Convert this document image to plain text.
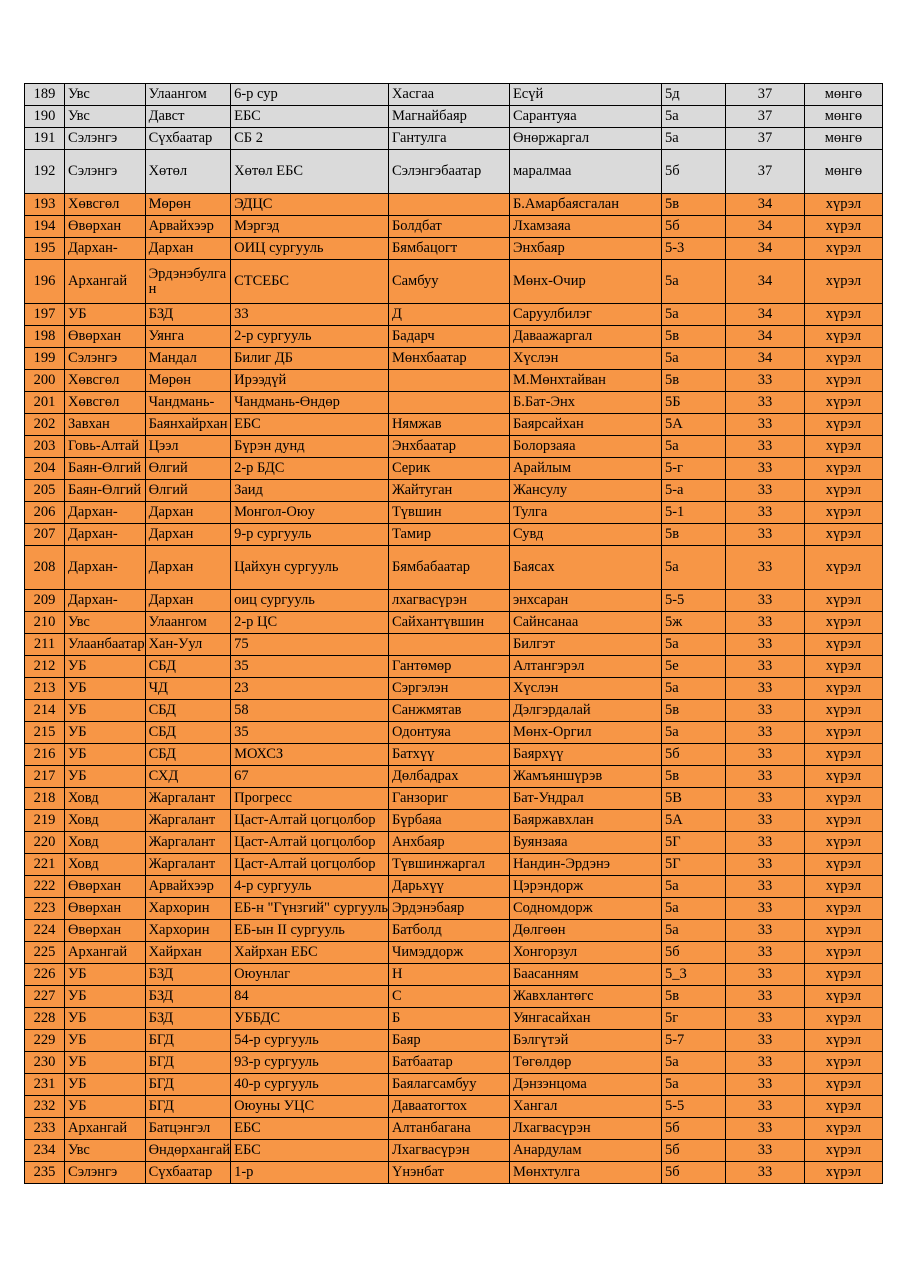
189	Увс	Улаангом	6-р сур	Хасгаа	Есүй	5д	37	мөнгө
190	Увс	Давст	ЕБС	Магнайбаяр	Сарантуяа	5а	37	мөнгө
191	Сэлэнгэ	Сүхбаатар	СБ 2	Гантулга	Өнөржаргал	5а	37	мөнгө
192	Сэлэнгэ	Хөтөл	Хөтөл ЕБС	Сэлэнгэбаатар	маралмаа	5б	37	мөнгө
193	Хөвсгөл	Мөрөн	ЭДЦС		Б.Амарбаясгалан	5в	34	хүрэл
194	Өвөрхан	Арвайхээр	Мэргэд	Болдбат	Лхамзаяа	5б	34	хүрэл
195	Дархан-	Дархан	ОИЦ сургууль	Бямбацогт	Энхбаяр	5-3	34	хүрэл
196	Архангай	Эрдэнэбулган	СТСЕБС	Самбуу	Мөнх-Очир	5а	34	хүрэл
197	УБ	БЗД	33	Д	Саруулбилэг	5а	34	хүрэл
198	Өвөрхан	Уянга	2-р сургууль	Бадарч	Даваажаргал	5в	34	хүрэл
199	Сэлэнгэ	Мандал	Билиг ДБ	Мөнхбаатар	Хүслэн	5а	34	хүрэл
200	Хөвсгөл	Мөрөн	Ирээдүй		М.Мөнхтайван	5в	33	хүрэл
201	Хөвсгөл	Чандмань-	Чандмань-Өндөр		Б.Бат-Энх	5Б	33	хүрэл
202	Завхан	Баянхайрхан	ЕБС	Нямжав	Баярсайхан	5А	33	хүрэл
203	Говь-Алтай	Цээл	Бүрэн дунд	Энхбаатар	Болорзаяа	5а	33	хүрэл
204	Баян-Өлгий	Өлгий	2-р БДС	Серик	Арайлым	5-г	33	хүрэл
205	Баян-Өлгий	Өлгий	Заид	Жайтуган	Жансулу	5-а	33	хүрэл
206	Дархан-	Дархан	Монгол-Оюу	Түвшин	Тулга	5-1	33	хүрэл
207	Дархан-	Дархан	9-р сургууль	Тамир	Сувд	5в	33	хүрэл
208	Дархан-	Дархан	Цайхун сургууль	Бямбабаатар	Баясах	5а	33	хүрэл
209	Дархан-	Дархан	оиц сургууль	лхагвасүрэн	энхсаран	5-5	33	хүрэл
210	Увс	Улаангом	2-р ЦС	Сайхантүвшин	Сайнсанаа	5ж	33	хүрэл
211	Улаанбаатар	Хан-Уул	75		Билгэт	5а	33	хүрэл
212	УБ	СБД	35	Гантөмөр	Алтангэрэл	5е	33	хүрэл
213	УБ	ЧД	23	Сэргэлэн	Хүслэн	5а	33	хүрэл
214	УБ	СБД	58	Санжмятав	Дэлгэрдалай	5в	33	хүрэл
215	УБ	СБД	35	Одонтуяа	Мөнх-Оргил	5а	33	хүрэл
216	УБ	СБД	МОХСЗ	Батхүү	Баярхүү	5б	33	хүрэл
217	УБ	СХД	67	Дөлбадрах	Жамъяншүрэв	5в	33	хүрэл
218	Ховд	Жаргалант	Прогресс	Ганзориг	Бат-Ундрал	5В	33	хүрэл
219	Ховд	Жаргалант	Цаст-Алтай цогцолбор	Бүрбаяа	Баяржавхлан	5А	33	хүрэл
220	Ховд	Жаргалант	Цаст-Алтай цогцолбор	Анхбаяр	Буянзаяа	5Г	33	хүрэл
221	Ховд	Жаргалант	Цаст-Алтай цогцолбор	Түвшинжаргал	Нандин-Эрдэнэ	5Г	33	хүрэл
222	Өвөрхан	Арвайхээр	4-р сургууль	Дарьхүү	Цэрэндорж	5а	33	хүрэл
223	Өвөрхан	Хархорин	ЕБ-н "Гүнзгий" сургууль	Эрдэнэбаяр	Содномдорж	5а	33	хүрэл
224	Өвөрхан	Хархорин	ЕБ-ын II сургууль	Батболд	Дөлгөөн	5а	33	хүрэл
225	Архангай	Хайрхан	Хайрхан ЕБС	Чимэддорж	Хонгорзул	5б	33	хүрэл
226	УБ	БЗД	Оюунлаг	Н	Баасанням	5_3	33	хүрэл
227	УБ	БЗД	84	С	Жавхлантөгс	5в	33	хүрэл
228	УБ	БЗД	УББДС	Б	Уянгасайхан	5г	33	хүрэл
229	УБ	БГД	54-р сургууль	Баяр	Бэлгүтэй	5-7	33	хүрэл
230	УБ	БГД	93-р сургууль	Батбаатар	Төгөлдөр	5а	33	хүрэл
231	УБ	БГД	40-р сургууль	Баялагсамбуу	Дэнзэнцома	5а	33	хүрэл
232	УБ	БГД	Оюуны УЦС	Даваатогтох	Хангал	5-5	33	хүрэл
233	Архангай	Батцэнгэл	ЕБС	Алтанбагана	Лхагвасүрэн	5б	33	хүрэл
234	Увс	Өндөрхангай	ЕБС	Лхагвасүрэн	Анардулам	5б	33	хүрэл
235	Сэлэнгэ	Сүхбаатар	1-р	Үнэнбат	Мөнхтулга	5б	33	хүрэл
